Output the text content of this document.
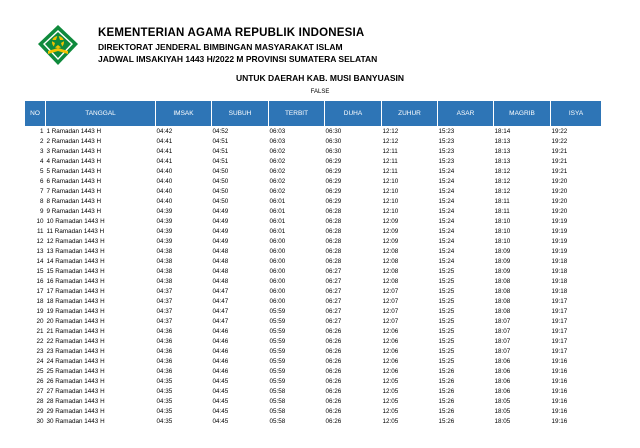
KEMENTERIAN AGAMA REPUBLIK INDONESIA
DIREKTORAT JENDERAL BIMBINGAN MASYARAKAT ISLAM
JADWAL IMSAKIYAH 1443 H/2022 M PROVINSI SUMATERA SELATAN
UNTUK DAERAH KAB. MUSI BANYUASIN
FALSE
NO	TANGGAL	IMSAK	SUBUH	TERBIT	DUHA	ZUHUR	ASAR	MAGRIB	ISYA
1	1 Ramadan 1443 H	04:42	04:52	06:03	06:30	12:12	15:23	18:14	19:22
2	2 Ramadan 1443 H	04:41	04:51	06:03	06:30	12:12	15:23	18:13	19:22
3	3 Ramadan 1443 H	04:41	04:51	06:02	06:30	12:11	15:23	18:13	19:21
4	4 Ramadan 1443 H	04:41	04:51	06:02	06:29	12:11	15:23	18:13	19:21
5	5 Ramadan 1443 H	04:40	04:50	06:02	06:29	12:11	15:24	18:12	19:21
6	6 Ramadan 1443 H	04:40	04:50	06:02	06:29	12:10	15:24	18:12	19:20
7	7 Ramadan 1443 H	04:40	04:50	06:02	06:29	12:10	15:24	18:12	19:20
8	8 Ramadan 1443 H	04:40	04:50	06:01	06:29	12:10	15:24	18:11	19:20
9	9 Ramadan 1443 H	04:39	04:49	06:01	06:28	12:10	15:24	18:11	19:20
10	10 Ramadan 1443 H	04:39	04:49	06:01	06:28	12:09	15:24	18:10	19:19
11	11 Ramadan 1443 H	04:39	04:49	06:01	06:28	12:09	15:24	18:10	19:19
12	12 Ramadan 1443 H	04:39	04:49	06:00	06:28	12:09	15:24	18:10	19:19
13	13 Ramadan 1443 H	04:38	04:48	06:00	06:28	12:08	15:24	18:09	19:19
14	14 Ramadan 1443 H	04:38	04:48	06:00	06:28	12:08	15:24	18:09	19:18
15	15 Ramadan 1443 H	04:38	04:48	06:00	06:27	12:08	15:25	18:09	19:18
16	16 Ramadan 1443 H	04:38	04:48	06:00	06:27	12:08	15:25	18:08	19:18
17	17 Ramadan 1443 H	04:37	04:47	06:00	06:27	12:07	15:25	18:08	19:18
18	18 Ramadan 1443 H	04:37	04:47	06:00	06:27	12:07	15:25	18:08	19:17
19	19 Ramadan 1443 H	04:37	04:47	05:59	06:27	12:07	15:25	18:08	19:17
20	20 Ramadan 1443 H	04:37	04:47	05:59	06:27	12:07	15:25	18:07	19:17
21	21 Ramadan 1443 H	04:36	04:46	05:59	06:26	12:06	15:25	18:07	19:17
22	22 Ramadan 1443 H	04:36	04:46	05:59	06:26	12:06	15:25	18:07	19:17
23	23 Ramadan 1443 H	04:36	04:46	05:59	06:26	12:06	15:25	18:07	19:17
24	24 Ramadan 1443 H	04:36	04:46	05:59	06:26	12:06	15:25	18:06	19:16
25	25 Ramadan 1443 H	04:36	04:46	05:59	06:26	12:06	15:26	18:06	19:16
26	26 Ramadan 1443 H	04:35	04:45	05:59	06:26	12:05	15:26	18:06	19:16
27	27 Ramadan 1443 H	04:35	04:45	05:58	06:26	12:05	15:26	18:06	19:16
28	28 Ramadan 1443 H	04:35	04:45	05:58	06:26	12:05	15:26	18:05	19:16
29	29 Ramadan 1443 H	04:35	04:45	05:58	06:26	12:05	15:26	18:05	19:16
30	30 Ramadan 1443 H	04:35	04:45	05:58	06:26	12:05	15:26	18:05	19:16
